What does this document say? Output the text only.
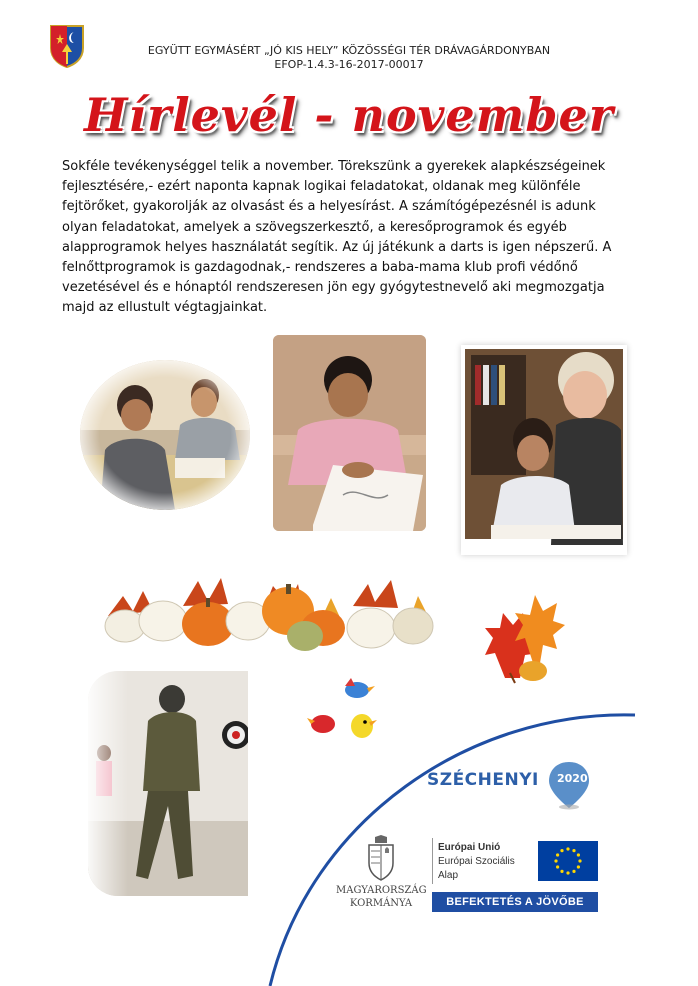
EGYÜTT EGYMÁSÉRT „JÓ KIS HELY” KÖZÖSSÉGI TÉR DRÁVAGÁRDONYBAN
EFOP-1.4.3-16-2017-00017
Hírlevél - november
Sokféle tevékenységgel telik a november. Törekszünk a gyerekek alapkészségeinek fejlesztésére,- ezért naponta kapnak logikai feladatokat, oldanak meg különféle fejtörőket, gyakorolják az olvasást és a helyesírást. A számítógépezésnél is adunk olyan feladatokat, amelyek a szövegszerkesztő, a keresőprogramok és egyéb alapprogramok helyes használatát segítik. Az új játékunk a darts is igen népszerű. A felnőttprogramok is gazdagodnak,- rendszeres a baba-mama klub profi védőnő vezetésével és e hónaptól rendszeresen jön egy gyógytestnevelő aki megmozgatja majd az ellustult végtagjainkat.
SZÉCHENYI 2020
MAGYARORSZÁG
KORMÁNYA
Európai Unió
Európai Szociális
Alap
BEFEKTETÉS A JÖVŐBE
